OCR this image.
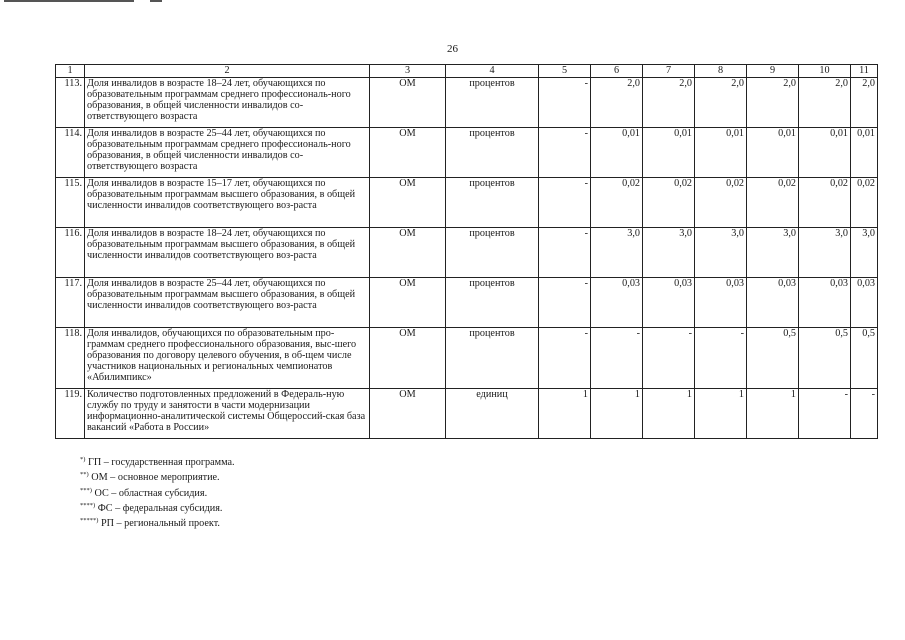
26
1	2	3	4	5	6	7	8	9	10	11
113.	Доля инвалидов в возрасте 18–24 лет, обучающихся по образовательным программам среднего профессиональ-ного образования, в общей численности инвалидов со-ответствующего возраста	ОМ	процентов	-	2,0	2,0	2,0	2,0	2,0	2,0
114.	Доля инвалидов в возрасте 25–44 лет, обучающихся по образовательным программам среднего профессиональ-ного образования, в общей численности инвалидов со-ответствующего возраста	ОМ	процентов	-	0,01	0,01	0,01	0,01	0,01	0,01
115.	Доля инвалидов в возрасте 15–17 лет, обучающихся по образовательным программам высшего образования, в общей численности инвалидов соответствующего воз-раста	ОМ	процентов	-	0,02	0,02	0,02	0,02	0,02	0,02
116.	Доля инвалидов в возрасте 18–24 лет, обучающихся по образовательным программам высшего образования, в общей численности инвалидов соответствующего воз-раста	ОМ	процентов	-	3,0	3,0	3,0	3,0	3,0	3,0
117.	Доля инвалидов в возрасте 25–44 лет, обучающихся по образовательным программам высшего образования, в общей численности инвалидов соответствующего воз-раста	ОМ	процентов	-	0,03	0,03	0,03	0,03	0,03	0,03
118.	Доля инвалидов, обучающихся по образовательным про-граммам среднего профессионального образования, выс-шего образования по договору целевого обучения, в об-щем числе участников национальных и региональных чемпионатов «Абилимпикс»	ОМ	процентов	-	-	-	-	0,5	0,5	0,5
119.	Количество подготовленных предложений в Федераль-ную службу по труду и занятости в части модернизации информационно-аналитической системы Общероссий-ская база вакансий «Работа в России»	ОМ	единиц	1	1	1	1	1	-	-
*) ГП – государственная программа.
**) ОМ – основное мероприятие.
***) ОС – областная субсидия.
****) ФС – федеральная субсидия.
*****) РП – региональный проект.
